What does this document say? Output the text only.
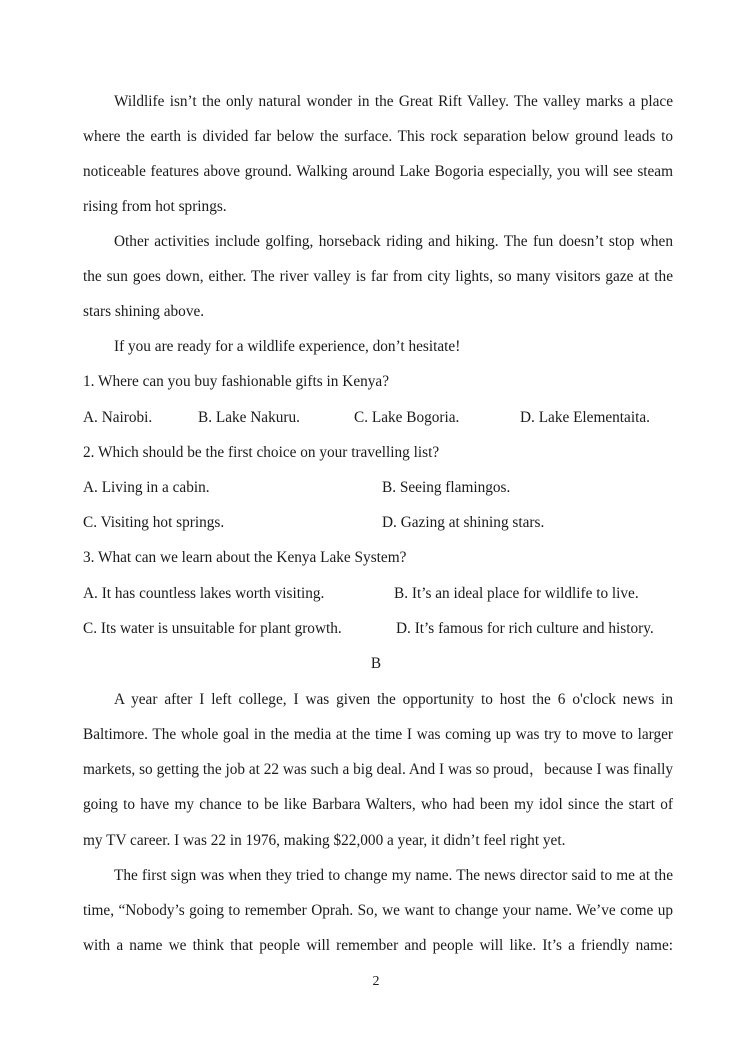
Wildlife isn’t the only natural wonder in the Great Rift Valley. The valley marks a place
where the earth is divided far below the surface. This rock separation below ground leads to
noticeable features above ground. Walking around Lake Bogoria especially, you will see steam
rising from hot springs.
Other activities include golfing, horseback riding and hiking. The fun doesn’t stop when
the sun goes down, either. The river valley is far from city lights, so many visitors gaze at the
stars shining above.
If you are ready for a wildlife experience, don’t hesitate!
1. Where can you buy fashionable gifts in Kenya?
A. Nairobi.	B. Lake Nakuru.	C. Lake Bogoria.	D. Lake Elementaita.
2. Which should be the first choice on your travelling list?
A. Living in a cabin.	B. Seeing flamingos.
C. Visiting hot springs.	D. Gazing at shining stars.
3. What can we learn about the Kenya Lake System?
A. It has countless lakes worth visiting.	B. It’s an ideal place for wildlife to live.
C. Its water is unsuitable for plant growth.	D. It’s famous for rich culture and history.
B
A year after I left college, I was given the opportunity to host the 6 o'clock news in
Baltimore. The whole goal in the media at the time I was coming up was try to move to larger
markets, so getting the job at 22 was such a big deal. And I was so proud，because I was finally
going to have my chance to be like Barbara Walters, who had been my idol since the start of
my TV career. I was 22 in 1976, making $22,000 a year, it didn’t feel right yet.
The first sign was when they tried to change my name. The news director said to me at the
time, “Nobody’s going to remember Oprah. So, we want to change your name. We’ve come up
with a name we think that people will remember and people will like. It’s a friendly name:
2
